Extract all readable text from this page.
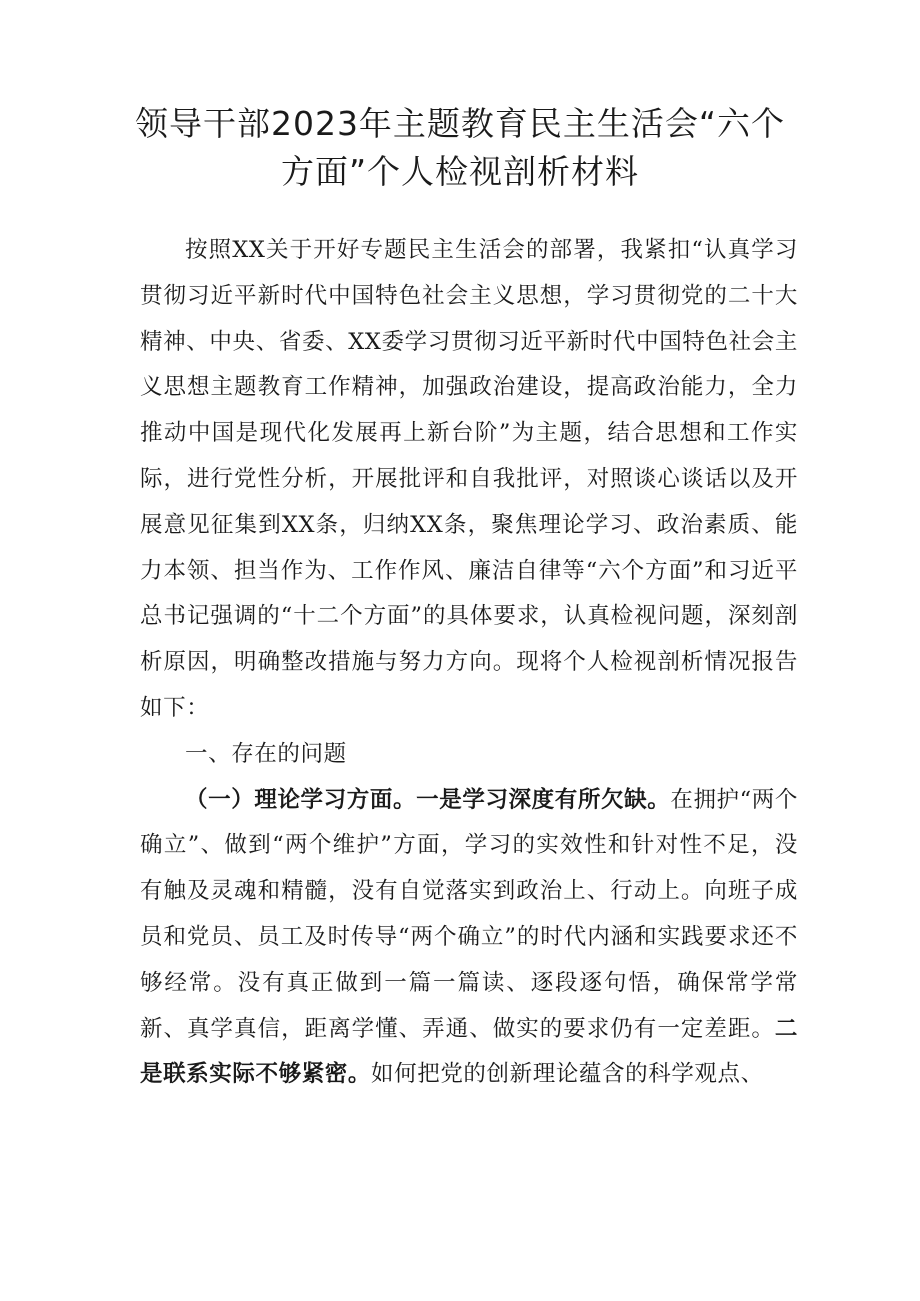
领导干部2023年主题教育民主生活会“六个方面”个人检视剖析材料

按照XX关于开好专题民主生活会的部署，我紧扣“认真学习贯彻习近平新时代中国特色社会主义思想，学习贯彻党的二十大精神、中央、省委、XX委学习贯彻习近平新时代中国特色社会主义思想主题教育工作精神，加强政治建设，提高政治能力，全力推动中国是现代化发展再上新台阶”为主题，结合思想和工作实际，进行党性分析，开展批评和自我批评，对照谈心谈话以及开展意见征集到XX条，归纳XX条，聚焦理论学习、政治素质、能力本领、担当作为、工作作风、廉洁自律等“六个方面”和习近平总书记强调的“十二个方面”的具体要求，认真检视问题，深刻剖析原因，明确整改措施与努力方向。现将个人检视剖析情况报告如下：

一、存在的问题

（一）理论学习方面。一是学习深度有所欠缺。在拥护“两个确立”、做到“两个维护”方面，学习的实效性和针对性不足，没有触及灵魂和精髓，没有自觉落实到政治上、行动上。向班子成员和党员、员工及时传导“两个确立”的时代内涵和实践要求还不够经常。没有真正做到一篇一篇读、逐段逐句悟，确保常学常新、真学真信，距离学懂、弄通、做实的要求仍有一定差距。二是联系实际不够紧密。如何把党的创新理论蕴含的科学观点、
